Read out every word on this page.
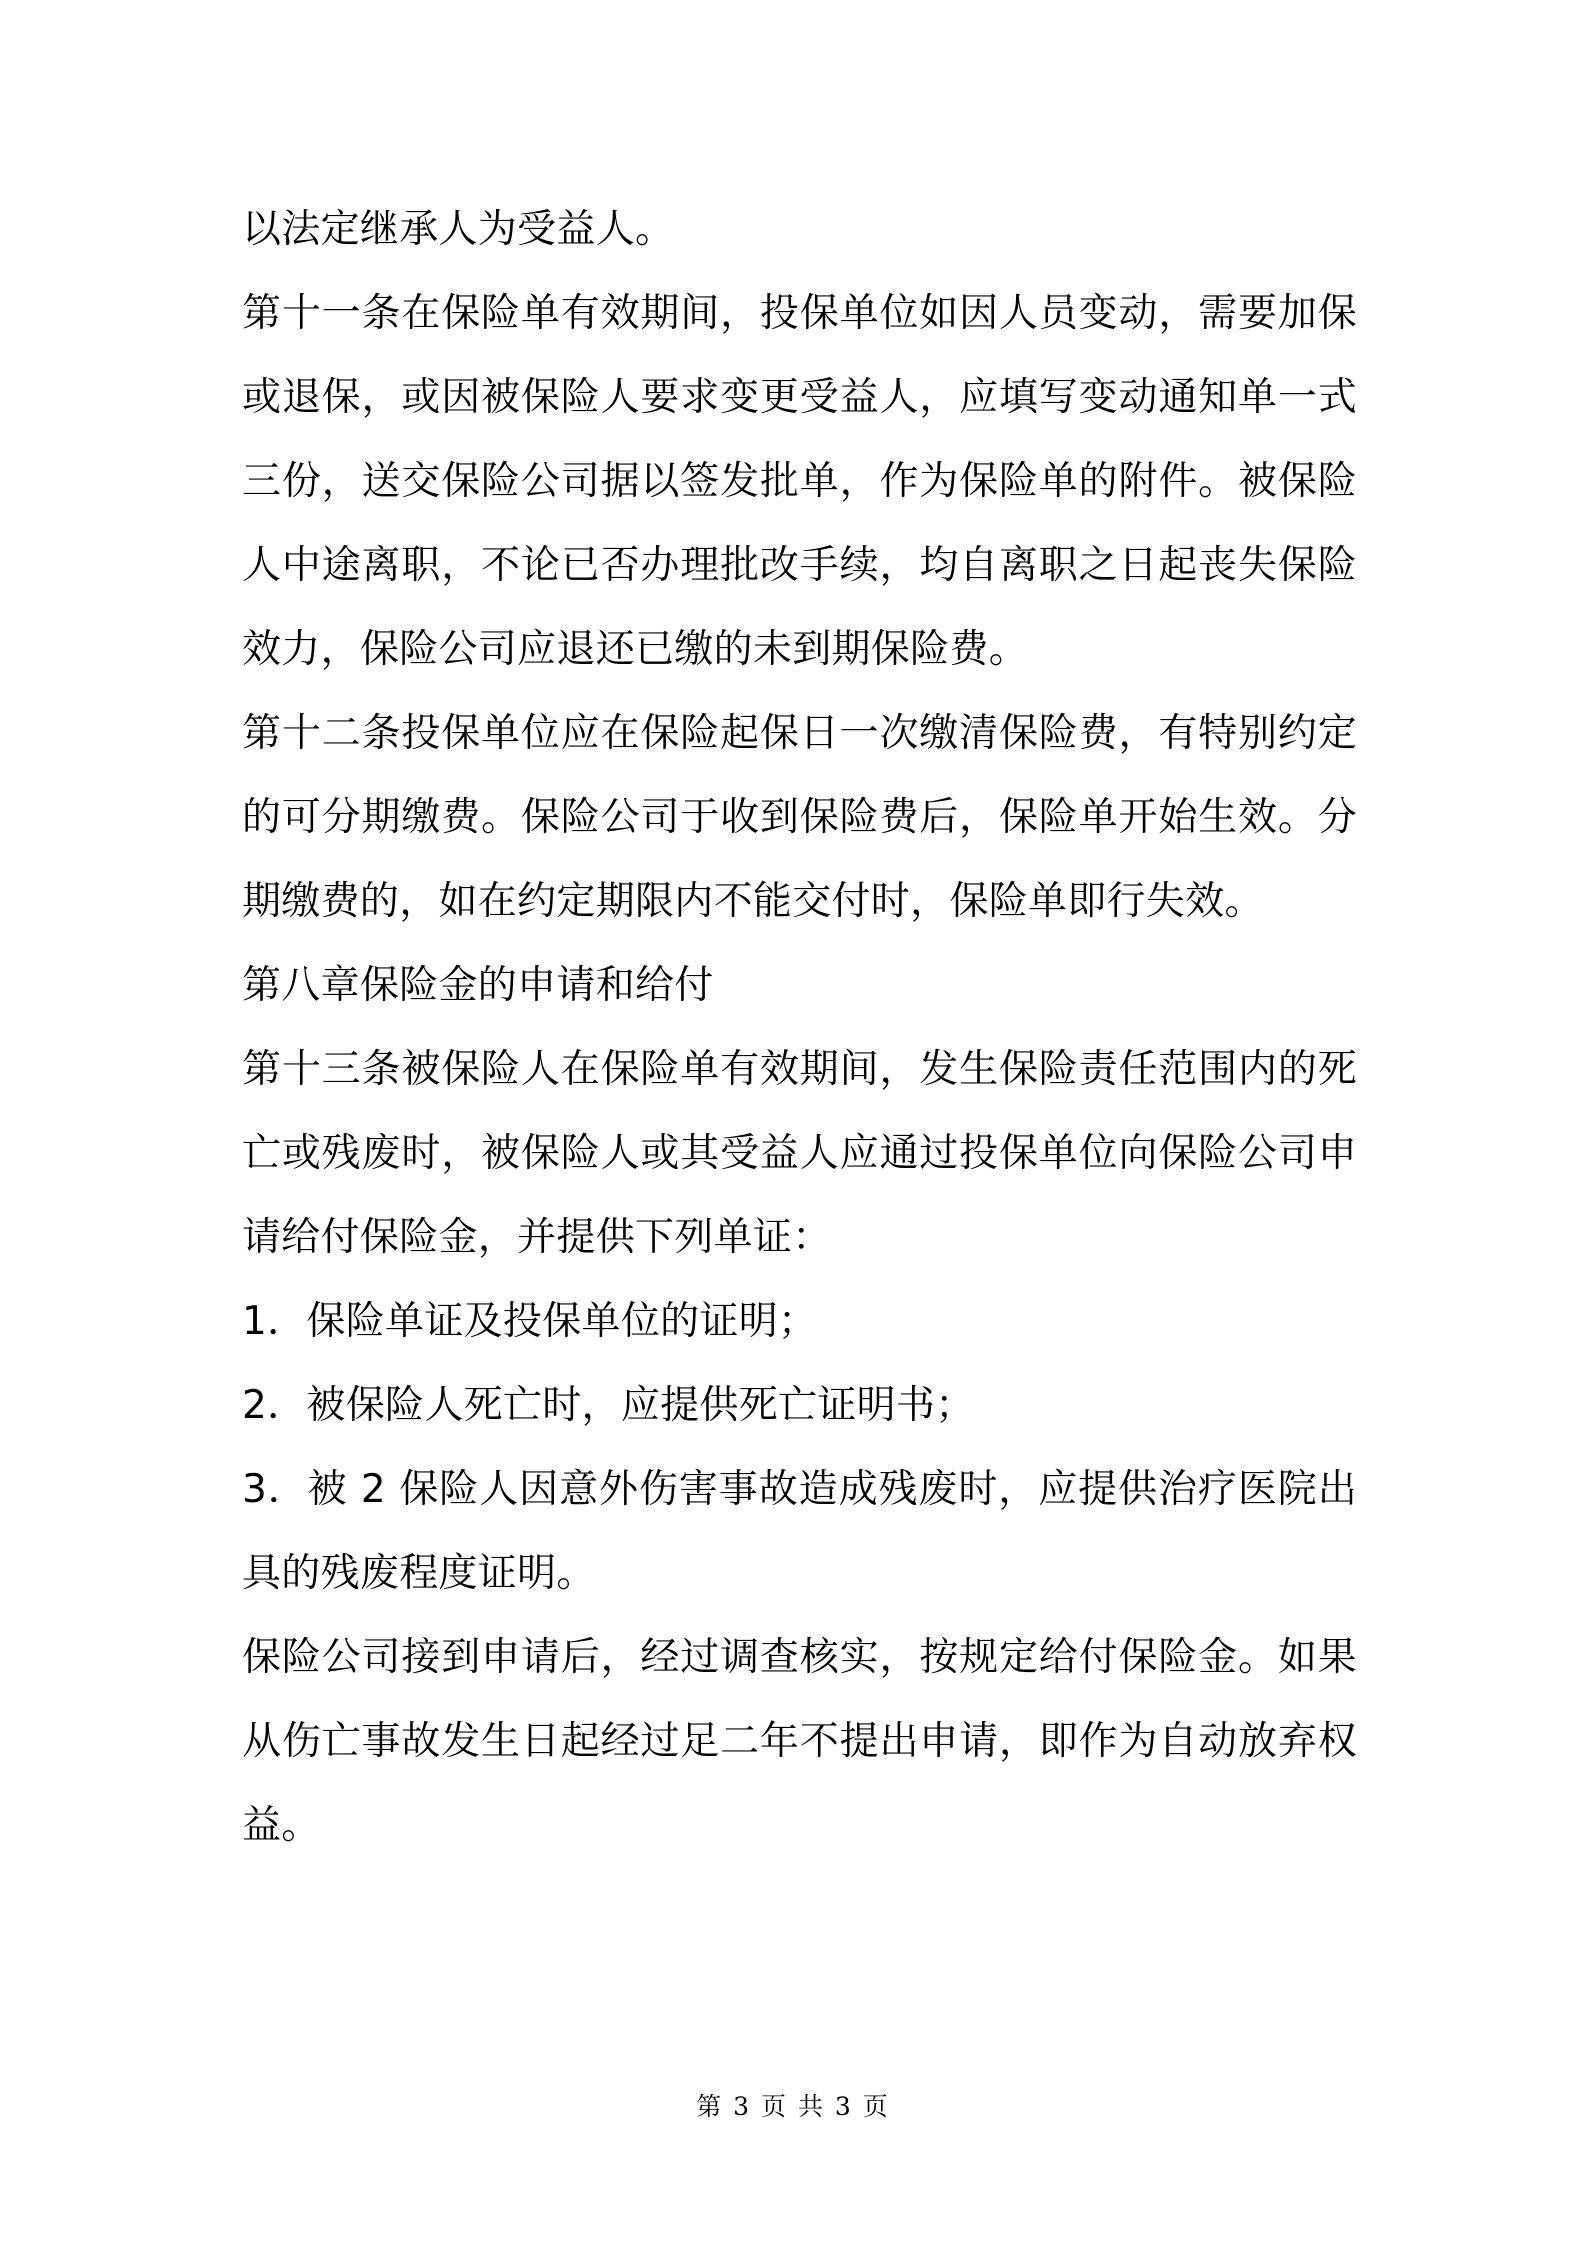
以法定继承人为受益人。

第十一条在保险单有效期间，投保单位如因人员变动，需要加保或退保，或因被保险人要求变更受益人，应填写变动通知单一式三份，送交保险公司据以签发批单，作为保险单的附件。被保险人中途离职，不论已否办理批改手续，均自离职之日起丧失保险效力，保险公司应退还已缴的未到期保险费。

第十二条投保单位应在保险起保日一次缴清保险费，有特别约定的可分期缴费。保险公司于收到保险费后，保险单开始生效。分期缴费的，如在约定期限内不能交付时，保险单即行失效。

第八章保险金的申请和给付

第十三条被保险人在保险单有效期间，发生保险责任范围内的死亡或残废时，被保险人或其受益人应通过投保单位向保险公司申请给付保险金，并提供下列单证：

1．保险单证及投保单位的证明；

2．被保险人死亡时，应提供死亡证明书；

3．被 2 保险人因意外伤害事故造成残废时，应提供治疗医院出具的残废程度证明。

保险公司接到申请后，经过调查核实，按规定给付保险金。如果从伤亡事故发生日起经过足二年不提出申请，即作为自动放弃权益。

第 3 页 共 3 页
